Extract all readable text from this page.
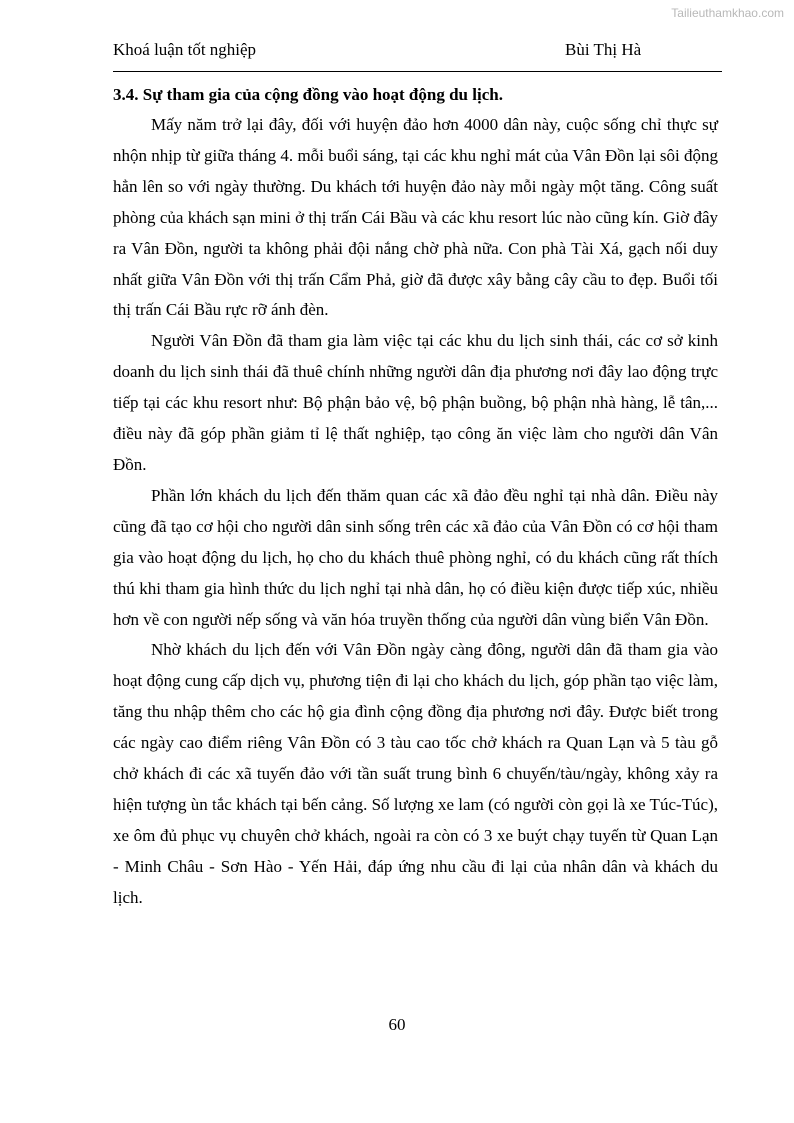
Tailieuthamkhao.com
Khoá luận tốt nghiệp	Bùi Thị Hà

3.4. Sự tham gia của cộng đồng vào hoạt động du lịch.

Mấy năm trở lại đây, đối với huyện đảo hơn 4000 dân này, cuộc sống chỉ thực sự nhộn nhịp từ giữa tháng 4. mỗi buổi sáng, tại các khu nghỉ mát của Vân Đồn lại sôi động hẳn lên so với ngày thường. Du khách tới huyện đảo này mỗi ngày một tăng. Công suất phòng của khách sạn mini ở thị trấn Cái Bầu và các khu resort lúc nào cũng kín. Giờ đây ra Vân Đồn, người ta không phải đội nắng chờ phà nữa. Con phà Tài Xá, gạch nối duy nhất giữa Vân Đồn với thị trấn Cẩm Phả, giờ đã được xây bằng cây cầu to đẹp. Buổi tối thị trấn Cái Bầu rực rỡ ánh đèn.

Người Vân Đồn đã tham gia làm việc tại các khu du lịch sinh thái, các cơ sở kinh doanh du lịch sinh thái đã thuê chính những người dân địa phương nơi đây lao động trực tiếp tại các khu resort như: Bộ phận bảo vệ, bộ phận buồng, bộ phận nhà hàng, lễ tân,... điều này đã góp phần giảm tỉ lệ thất nghiệp, tạo công ăn việc làm cho người dân Vân Đồn.

Phần lớn khách du lịch đến thăm quan các xã đảo đều nghỉ tại nhà dân. Điều này cũng đã tạo cơ hội cho người dân sinh sống trên các xã đảo của Vân Đồn có cơ hội tham gia vào hoạt động du lịch, họ cho du khách thuê phòng nghỉ, có du khách cũng rất thích thú khi tham gia hình thức du lịch nghỉ tại nhà dân, họ có điều kiện được tiếp xúc, nhiều hơn về con người nếp sống và văn hóa truyền thống của người dân vùng biển Vân Đồn.

Nhờ khách du lịch đến với Vân Đồn ngày càng đông, người dân đã tham gia vào hoạt động cung cấp dịch vụ, phương tiện đi lại cho khách du lịch, góp phần tạo việc làm, tăng thu nhập thêm cho các hộ gia đình cộng đồng địa phương nơi đây. Được biết trong các ngày cao điểm riêng Vân Đồn có 3 tàu cao tốc chở khách ra Quan Lạn và 5 tàu gỗ chở khách đi các xã tuyến đảo với tần suất trung bình 6 chuyến/tàu/ngày, không xảy ra hiện tượng ùn tắc khách tại bến cảng. Số lượng xe lam (có người còn gọi là xe Túc-Túc), xe ôm đủ phục vụ chuyên chở khách, ngoài ra còn có 3 xe buýt chạy tuyến từ Quan Lạn - Minh Châu - Sơn Hào - Yến Hải, đáp ứng nhu cầu đi lại của nhân dân và khách du lịch.

60
